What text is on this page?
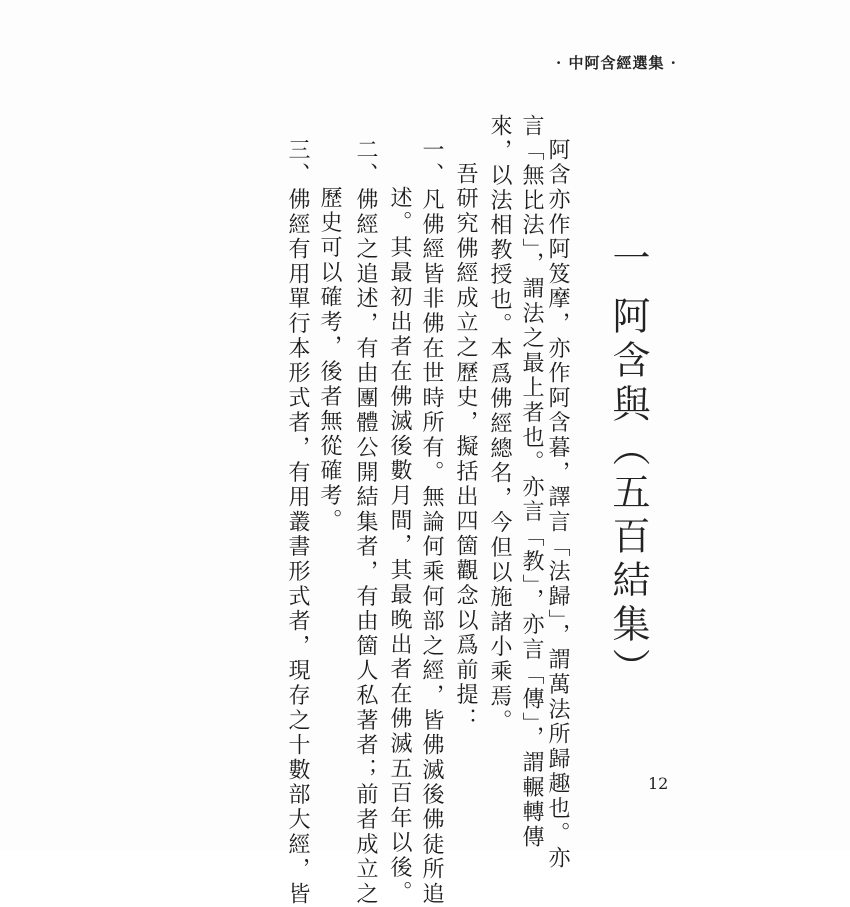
· 中阿含經選集 ·
一
阿含與（五百結集）
阿含亦作阿笈摩，亦作阿含暮，譯言「法歸」，謂萬法所歸趣也。亦
言「無比法」，謂法之最上者也。亦言「教」，亦言「傳」，謂輾轉傳
來，以法相教授也。本爲佛經總名，今但以施諸小乘焉。
吾研究佛經成立之歷史，擬括出四箇觀念以爲前提：
一、凡佛經皆非佛在世時所有。無論何乘何部之經，皆佛滅後佛徒所追
述。其最初出者在佛滅後數月間，其最晚出者在佛滅五百年以後。
二、佛經之追述，有由團體公開結集者，有由箇人私著者；前者成立之
歷史可以確考，後者無從確考。
三、佛經有用單行本形式者，有用叢書形式者，現存之十數部大經，皆	12
